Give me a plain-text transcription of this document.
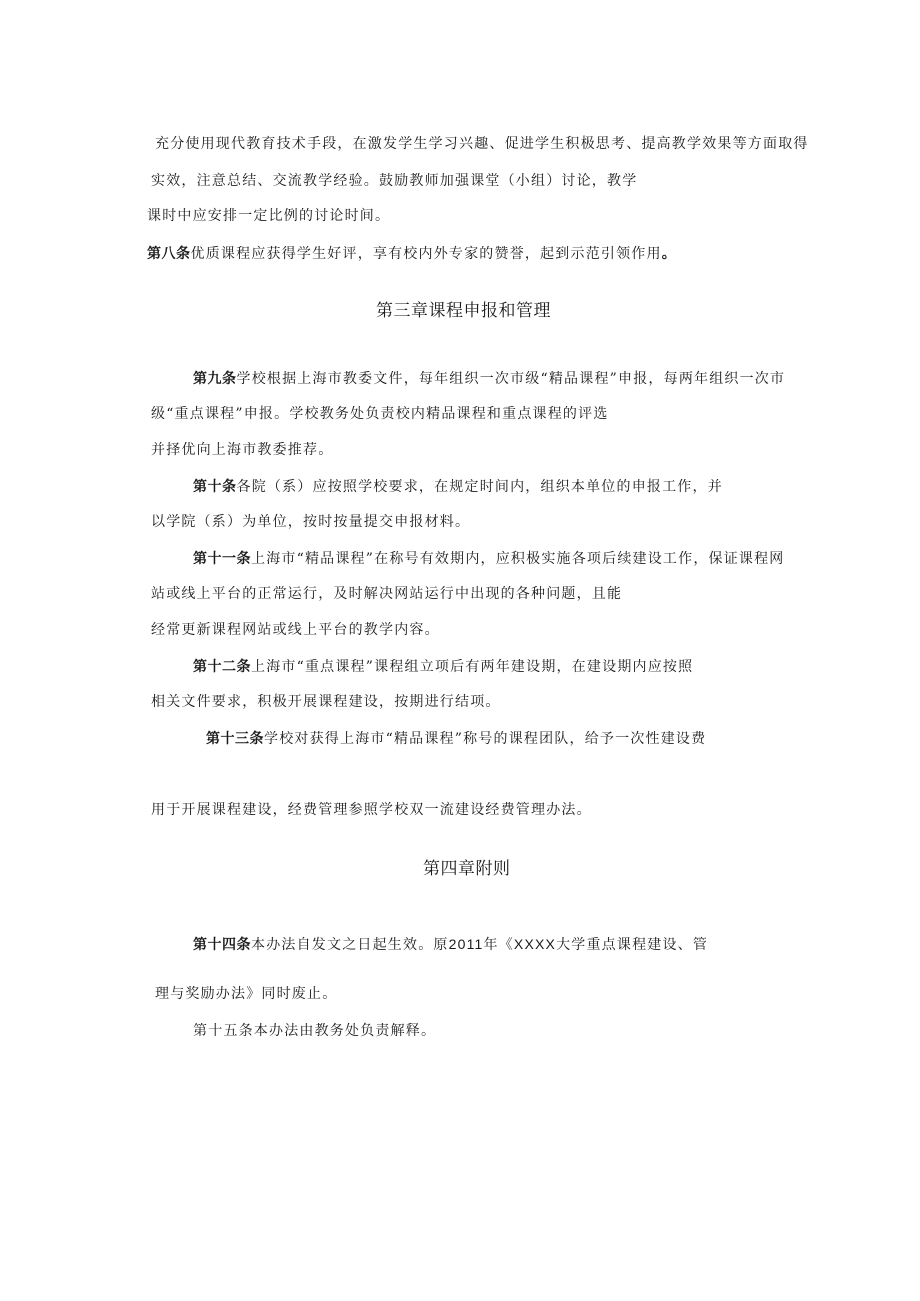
充分使用现代教育技术手段，在激发学生学习兴趣、促进学生积极思考、提高教学效果等方面取得
实效，注意总结、交流教学经验。鼓励教师加强课堂（小组）讨论，教学
课时中应安排一定比例的讨论时间。
第八条优质课程应获得学生好评，享有校内外专家的赞誉，起到示范引领作用。
第三章课程申报和管理
第九条学校根据上海市教委文件，每年组织一次市级“精品课程”申报，每两年组织一次市
级“重点课程”申报。学校教务处负责校内精品课程和重点课程的评选
并择优向上海市教委推荐。
第十条各院（系）应按照学校要求，在规定时间内，组织本单位的申报工作，并
以学院（系）为单位，按时按量提交申报材料。
第十一条上海市“精品课程”在称号有效期内，应积极实施各项后续建设工作，保证课程网
站或线上平台的正常运行，及时解决网站运行中出现的各种问题，且能
经常更新课程网站或线上平台的教学内容。
第十二条上海市“重点课程”课程组立项后有两年建设期，在建设期内应按照
相关文件要求，积极开展课程建设，按期进行结项。
第十三条学校对获得上海市“精品课程”称号的课程团队，给予一次性建设费
用于开展课程建设，经费管理参照学校双一流建设经费管理办法。
第四章附则
第十四条本办法自发文之日起生效。原2011年《XXXX大学重点课程建设、管
理与奖励办法》同时废止。
第十五条本办法由教务处负责解释。
